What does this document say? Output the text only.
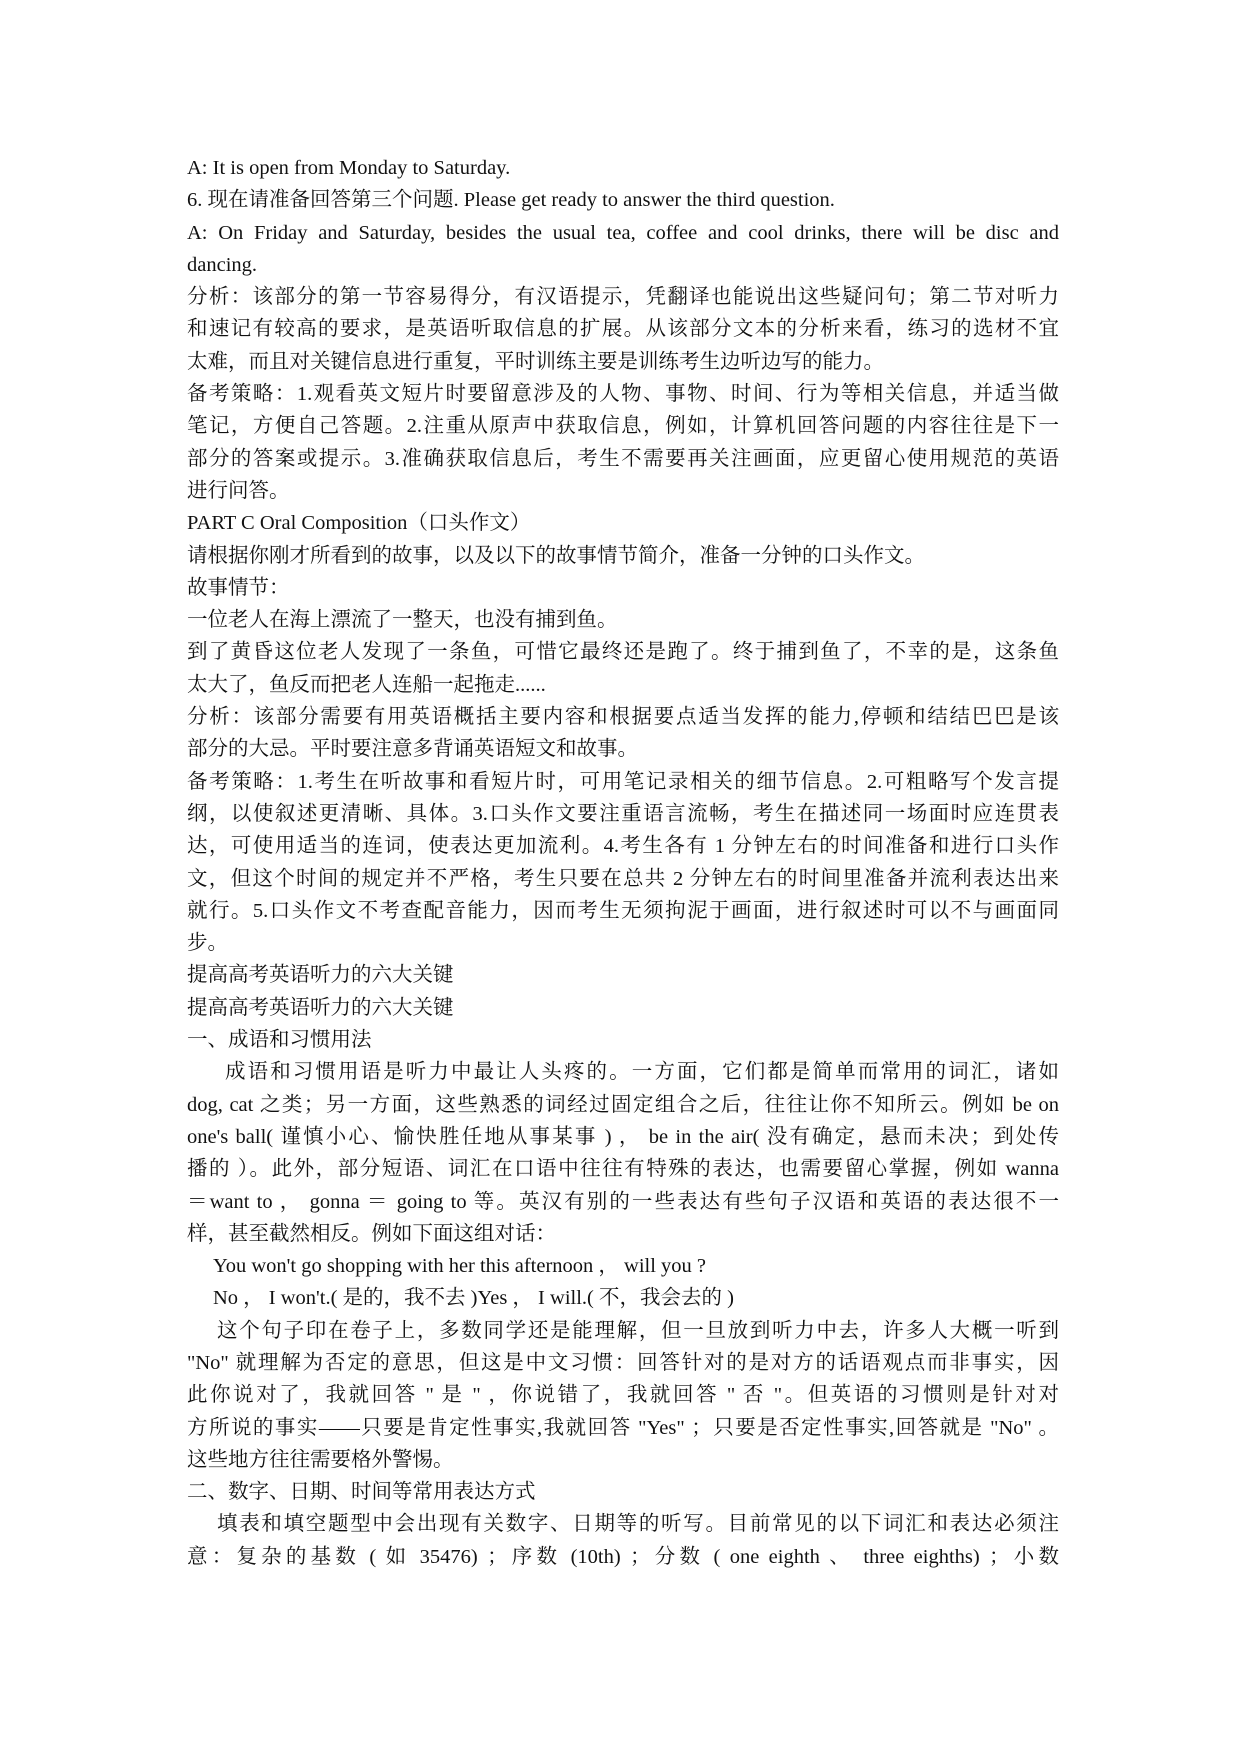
A: It is open from Monday to Saturday.
6. 现在请准备回答第三个问题. Please get ready to answer the third question.
A: On Friday and Saturday, besides the usual tea, coffee and cool drinks, there will be disc and
dancing.
分析：该部分的第一节容易得分，有汉语提示，凭翻译也能说出这些疑问句；第二节对听力
和速记有较高的要求，是英语听取信息的扩展。从该部分文本的分析来看，练习的选材不宜
太难，而且对关键信息进行重复，平时训练主要是训练考生边听边写的能力。
备考策略：1.观看英文短片时要留意涉及的人物、事物、时间、行为等相关信息，并适当做
笔记，方便自己答题。2.注重从原声中获取信息，例如，计算机回答问题的内容往往是下一
部分的答案或提示。3.准确获取信息后，考生不需要再关注画面，应更留心使用规范的英语
进行问答。
PART C Oral Composition（口头作文）
请根据你刚才所看到的故事，以及以下的故事情节简介，准备一分钟的口头作文。
故事情节：
一位老人在海上漂流了一整天，也没有捕到鱼。
到了黄昏这位老人发现了一条鱼，可惜它最终还是跑了。终于捕到鱼了，不幸的是，这条鱼
太大了，鱼反而把老人连船一起拖走......
分析：该部分需要有用英语概括主要内容和根据要点适当发挥的能力,停顿和结结巴巴是该
部分的大忌。平时要注意多背诵英语短文和故事。
备考策略：1.考生在听故事和看短片时，可用笔记录相关的细节信息。2.可粗略写个发言提
纲，以使叙述更清晰、具体。3.口头作文要注重语言流畅，考生在描述同一场面时应连贯表
达，可使用适当的连词，使表达更加流利。4.考生各有 1 分钟左右的时间准备和进行口头作
文，但这个时间的规定并不严格，考生只要在总共 2 分钟左右的时间里准备并流利表达出来
就行。5.口头作文不考查配音能力，因而考生无须拘泥于画面，进行叙述时可以不与画面同
步。
提高高考英语听力的六大关键
提高高考英语听力的六大关键
一、成语和习惯用法
成语和习惯用语是听力中最让人头疼的。一方面，它们都是简单而常用的词汇，诸如
dog, cat 之类；另一方面，这些熟悉的词经过固定组合之后，往往让你不知所云。例如 be on
one's ball( 谨慎小心、愉快胜任地从事某事 ) ， be in the air( 没有确定，悬而未决；到处传
播的 ）。此外，部分短语、词汇在口语中往往有特殊的表达，也需要留心掌握，例如 wanna
＝want to ， gonna ＝ going to 等。英汉有别的一些表达有些句子汉语和英语的表达很不一
样，甚至截然相反。例如下面这组对话：
You won't go shopping with her this afternoon ， will you ?
No ， I won't.( 是的，我不去 )Yes ， I will.( 不，我会去的 )
这个句子印在卷子上，多数同学还是能理解，但一旦放到听力中去，许多人大概一听到
"No" 就理解为否定的意思，但这是中文习惯：回答针对的是对方的话语观点而非事实，因
此你说对了，我就回答 " 是 " ，你说错了，我就回答 " 否 "。但英语的习惯则是针对对
方所说的事实——只要是肯定性事实,我就回答 "Yes" ；只要是否定性事实,回答就是 "No" 。
这些地方往往需要格外警惕。
二、数字、日期、时间等常用表达方式
填表和填空题型中会出现有关数字、日期等的听写。目前常见的以下词汇和表达必须注
意：复杂的基数 ( 如 35476) ；序数 (10th) ；分数 ( one eighth 、 three eighths) ；小数
